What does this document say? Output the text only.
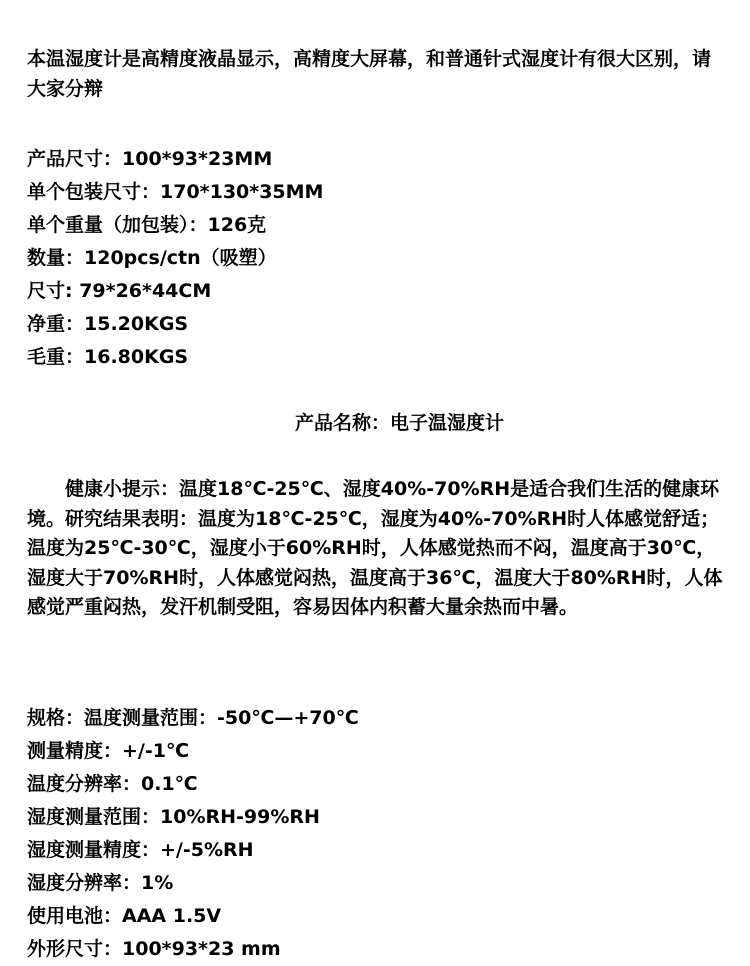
本温湿度计是高精度液晶显示，高精度大屏幕，和普通针式湿度计有很大区别，请大家分辩
产品尺寸：100*93*23MM
单个包装尺寸：170*130*35MM
单个重量（加包装）：126克
数量：120pcs/ctn（吸塑）
尺寸: 79*26*44CM
净重：15.20KGS
毛重：16.80KGS
产品名称：电子温湿度计
健康小提示：温度18℃-25℃、湿度40%-70%RH是适合我们生活的健康环境。研究结果表明：温度为18℃-25℃，湿度为40%-70%RH时人体感觉舒适；温度为25℃-30℃，湿度小于60%RH时，人体感觉热而不闷，温度高于30℃，湿度大于70%RH时，人体感觉闷热，温度高于36℃，温度大于80%RH时，人体感觉严重闷热，发汗机制受阻，容易因体内积蓄大量余热而中暑。
规格：温度测量范围：-50℃—+70℃
测量精度：+/-1℃
温度分辨率：0.1℃
湿度测量范围：10%RH-99%RH
湿度测量精度：+/-5%RH
湿度分辨率：1%
使用电池：AAA 1.5V
外形尺寸：100*93*23 mm
